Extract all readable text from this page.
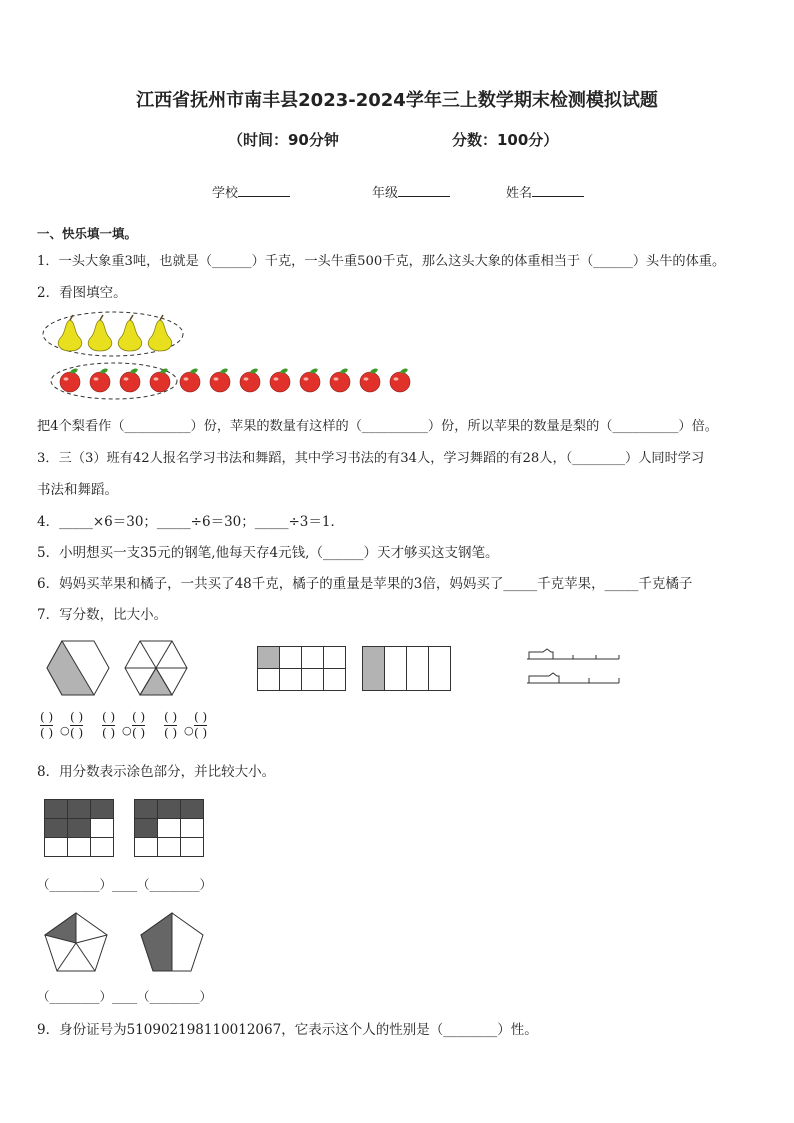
江西省抚州市南丰县2023-2024学年三上数学期末检测模拟试题
（时间：90分钟	分数：100分）
学校	年级	姓名
一、快乐填一填。
1．一头大象重3吨，也就是（______）千克，一头牛重500千克，那么这头大象的体重相当于（______）头牛的体重。
2．看图填空。
把4个梨看作（__________）份，苹果的数量有这样的（__________）份，所以苹果的数量是梨的（__________）倍。
3．三（3）班有42人报名学习书法和舞蹈，其中学习书法的有34人，学习舞蹈的有28人，（________）人同时学习
书法和舞蹈。
4．_____×6＝30；_____÷6＝30；_____÷3＝1．
5．小明想买一支35元的钢笔,他每天存4元钱,（______）天才够买这支钢笔。
6．妈妈买苹果和橘子，一共买了48千克，橘子的重量是苹果的3倍，妈妈买了_____千克苹果，_____千克橘子
7．写分数，比大小。
( )
( )
( )
( )
○
( )
( )
( )
( )
○
( )
( )
( )
( )
○
8．用分数表示涂色部分，并比较大小。
（________）____（________）
（________）____（________）
9．身份证号为510902198110012067，它表示这个人的性别是（________）性。
